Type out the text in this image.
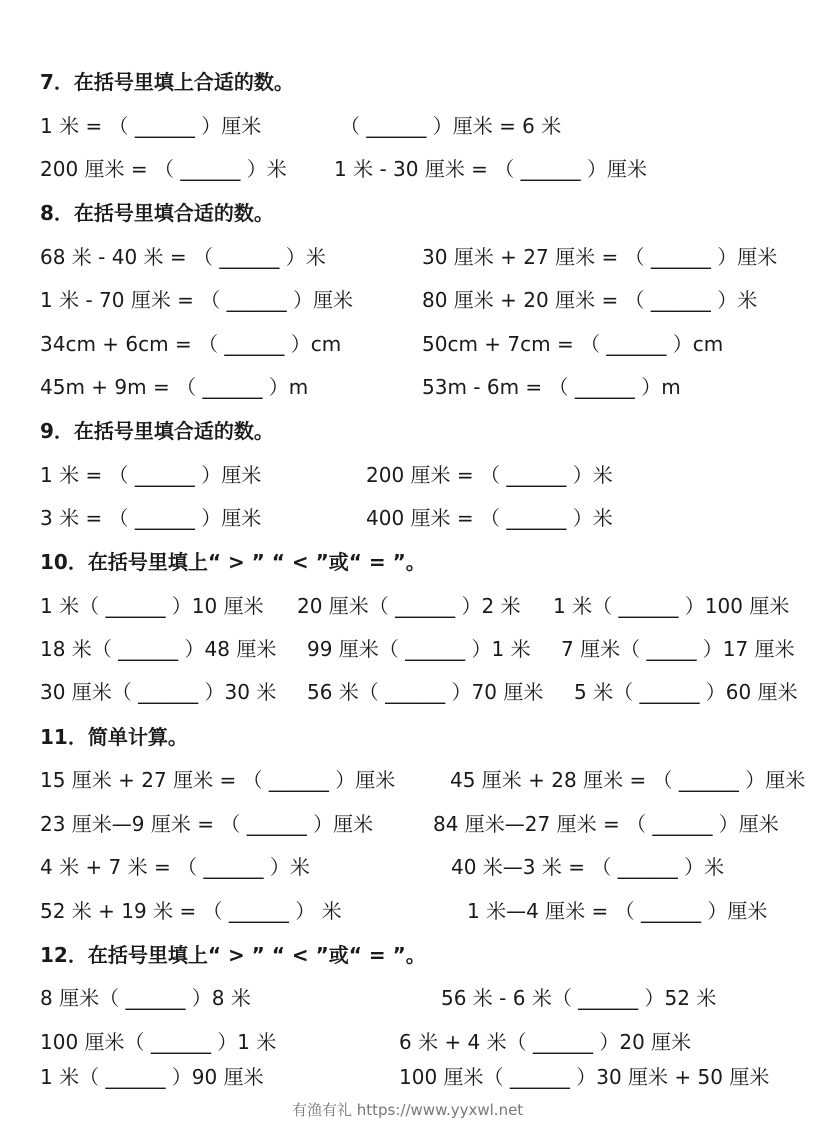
7．在括号里填上合适的数。
1 米 = （ ______ ）厘米	（ ______ ）厘米 = 6 米
200 厘米 = （ ______ ）米 1 米 - 30 厘米 = （ ______ ）厘米
8．在括号里填合适的数。
68 米 - 40 米 = （ ______ ）米	30 厘米 + 27 厘米 = （ ______ ）厘米
1 米 - 70 厘米 = （ ______ ）厘米	80 厘米 + 20 厘米 = （ ______ ）米
34cm + 6cm = （ ______ ）cm	50cm + 7cm = （ ______ ）cm
45m + 9m = （ ______ ）m	53m - 6m = （ ______ ）m
9．在括号里填合适的数。
1 米 = （ ______ ）厘米	200 厘米 = （ ______ ）米
3 米 = （ ______ ）厘米	400 厘米 = （ ______ ）米
10．在括号里填上“ > ” “ < ”或“ = ”。
1 米（ ______ ）10 厘米 20 厘米（ ______ ）2 米 1 米（ ______ ）100 厘米
18 米（ ______ ）48 厘米 99 厘米（ ______ ）1 米 7 厘米（ _____ ）17 厘米
30 厘米（ ______ ）30 米 56 米（ ______ ）70 厘米 5 米（ ______ ）60 厘米
11．简单计算。
15 厘米 + 27 厘米 = （ ______ ）厘米	45 厘米 + 28 厘米 = （ ______ ）厘米
23 厘米—9 厘米 = （ ______ ）厘米	84 厘米—27 厘米 = （ ______ ）厘米
4 米 + 7 米 = （ ______ ）米	40 米—3 米 = （ ______ ）米
52 米 + 19 米 = （ ______ ） 米	1 米—4 厘米 = （ ______ ）厘米
12．在括号里填上“ > ” “ < ”或“ = ”。
8 厘米（ ______ ）8 米	56 米 - 6 米（ ______ ）52 米
100 厘米（ ______ ）1 米	6 米 + 4 米（ ______ ）20 厘米
1 米（ ______ ）90 厘米	100 厘米（ ______ ）30 厘米 + 50 厘米
有渔有礼 https://www.yyxwl.net
